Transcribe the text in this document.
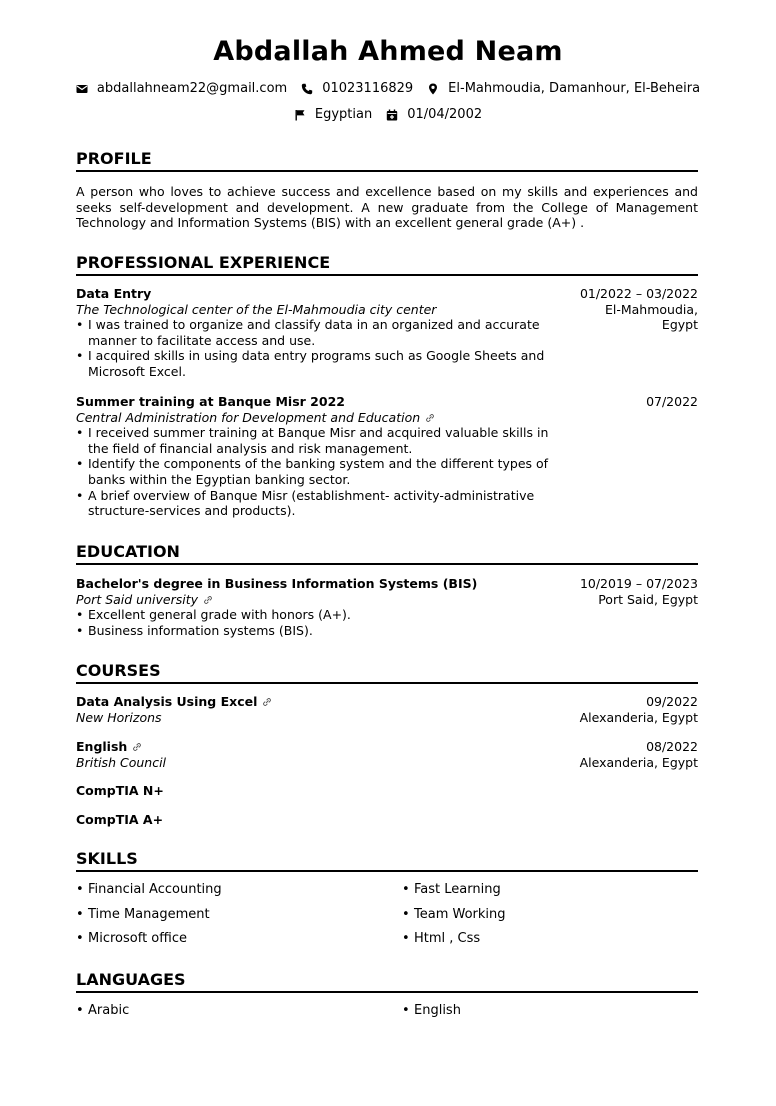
Abdallah Ahmed Neam
abdallahneam22@gmail.com	01023116829	El-Mahmoudia, Damanhour, El-Beheira
Egyptian	01/04/2002
PROFILE
A person who loves to achieve success and excellence based on my skills and experiences and seeks self-development and development. A new graduate from the College of Management Technology and Information Systems (BIS) with an excellent general grade (A+) .
PROFESSIONAL EXPERIENCE
Data Entry
The Technological center of the El-Mahmoudia city center
• I was trained to organize and classify data in an organized and accurate manner to facilitate access and use.
• I acquired skills in using data entry programs such as Google Sheets and Microsoft Excel.
01/2022 – 03/2022
El-Mahmoudia,
Egypt
Summer training at Banque Misr 2022
Central Administration for Development and Education
• I received summer training at Banque Misr and acquired valuable skills in the field of financial analysis and risk management.
• Identify the components of the banking system and the different types of banks within the Egyptian banking sector.
• A brief overview of Banque Misr (establishment- activity-administrative structure-services and products).
07/2022
EDUCATION
Bachelor's degree in Business Information Systems (BIS)
Port Said university
• Excellent general grade with honors (A+).
• Business information systems (BIS).
10/2019 – 07/2023
Port Said, Egypt
COURSES
Data Analysis Using Excel
New Horizons
09/2022
Alexanderia, Egypt
English
British Council
08/2022
Alexanderia, Egypt
CompTIA N+
CompTIA A+
SKILLS
• Financial Accounting	• Fast Learning
• Time Management	• Team Working
• Microsoft office	• Html , Css
LANGUAGES
• Arabic	• English
